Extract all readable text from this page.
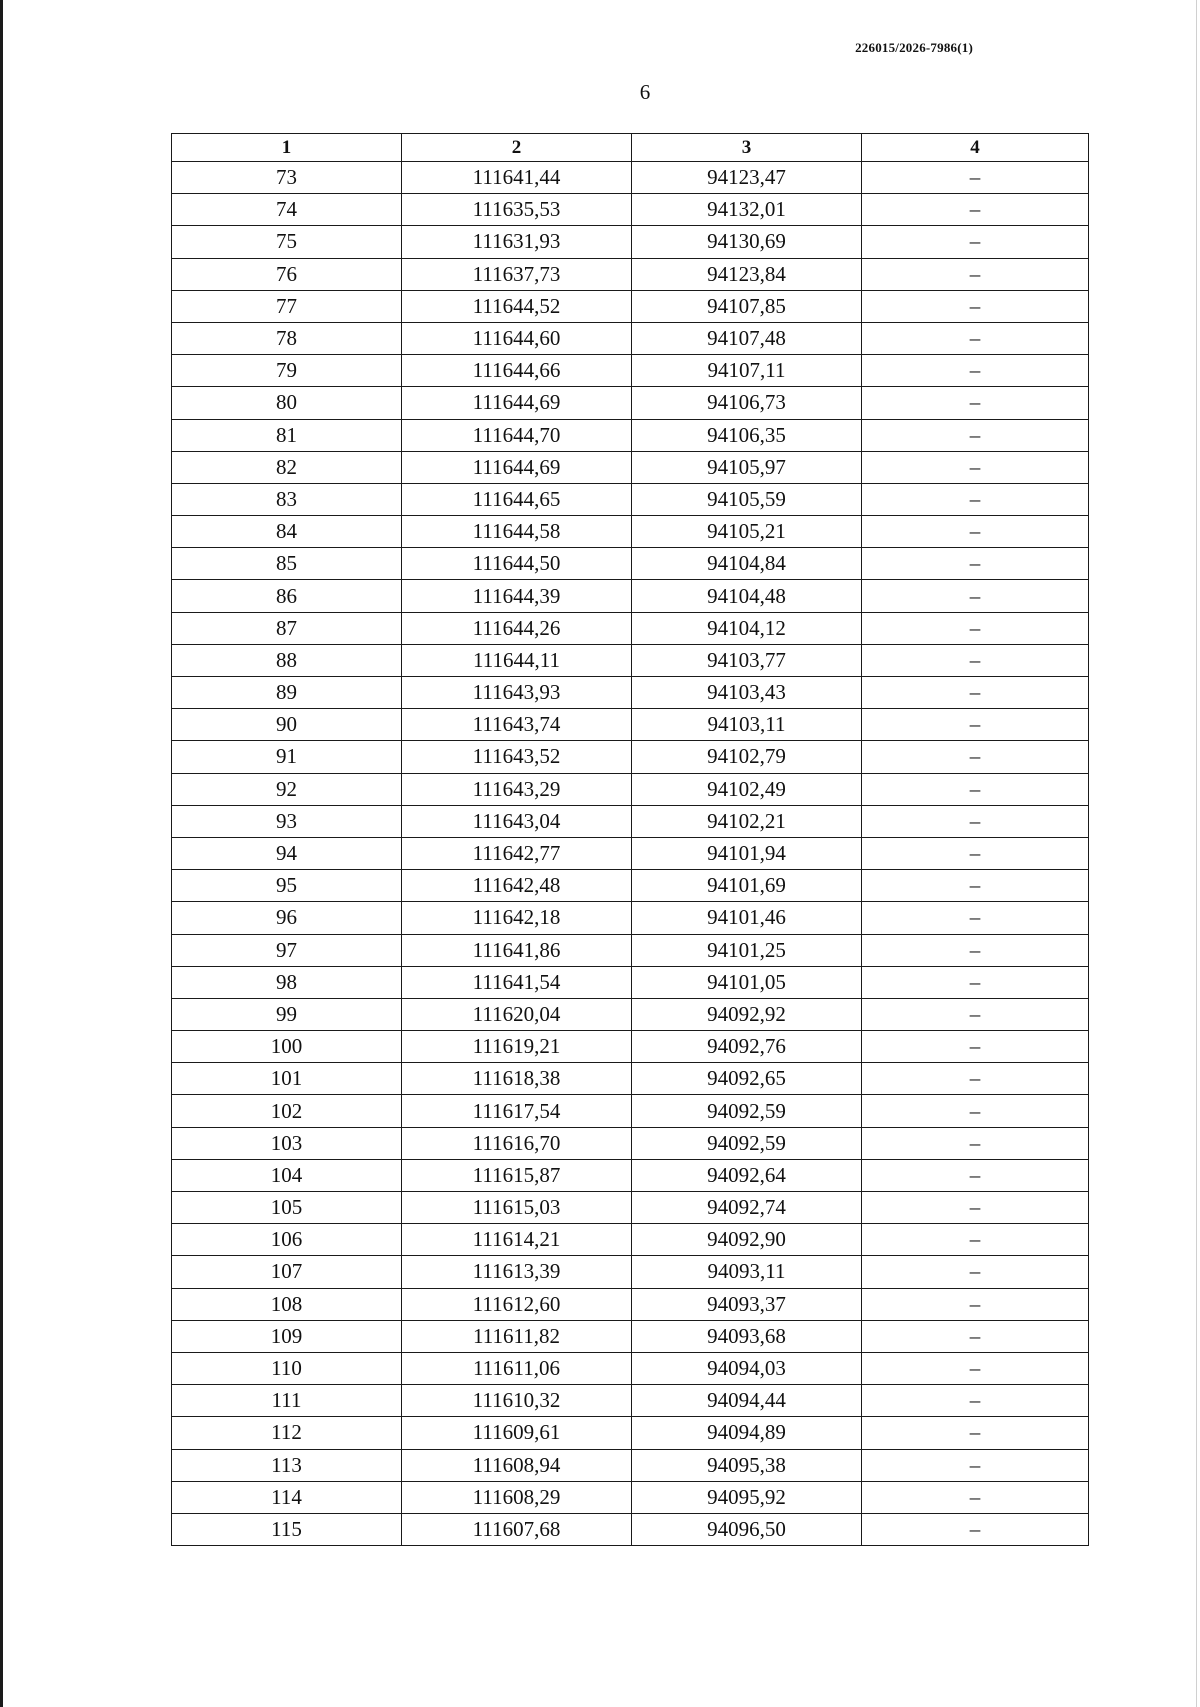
226015/2026-7986(1)
6
1	2	3	4
73	111641,44	94123,47	–
74	111635,53	94132,01	–
75	111631,93	94130,69	–
76	111637,73	94123,84	–
77	111644,52	94107,85	–
78	111644,60	94107,48	–
79	111644,66	94107,11	–
80	111644,69	94106,73	–
81	111644,70	94106,35	–
82	111644,69	94105,97	–
83	111644,65	94105,59	–
84	111644,58	94105,21	–
85	111644,50	94104,84	–
86	111644,39	94104,48	–
87	111644,26	94104,12	–
88	111644,11	94103,77	–
89	111643,93	94103,43	–
90	111643,74	94103,11	–
91	111643,52	94102,79	–
92	111643,29	94102,49	–
93	111643,04	94102,21	–
94	111642,77	94101,94	–
95	111642,48	94101,69	–
96	111642,18	94101,46	–
97	111641,86	94101,25	–
98	111641,54	94101,05	–
99	111620,04	94092,92	–
100	111619,21	94092,76	–
101	111618,38	94092,65	–
102	111617,54	94092,59	–
103	111616,70	94092,59	–
104	111615,87	94092,64	–
105	111615,03	94092,74	–
106	111614,21	94092,90	–
107	111613,39	94093,11	–
108	111612,60	94093,37	–
109	111611,82	94093,68	–
110	111611,06	94094,03	–
111	111610,32	94094,44	–
112	111609,61	94094,89	–
113	111608,94	94095,38	–
114	111608,29	94095,92	–
115	111607,68	94096,50	–
